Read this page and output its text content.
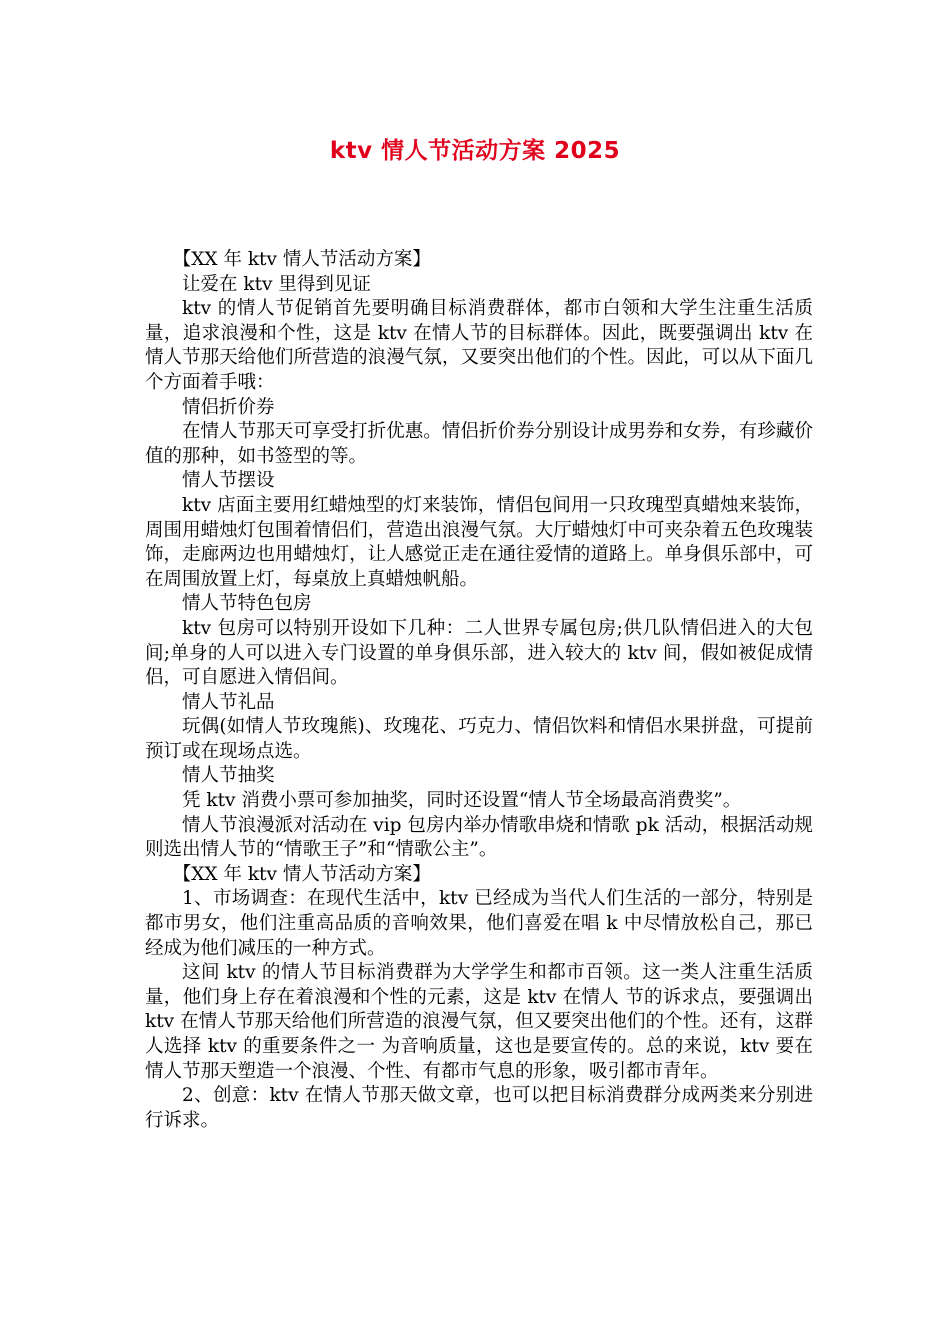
ktv 情人节活动方案 2025

【XX 年 ktv 情人节活动方案】

让爱在 ktv 里得到见证

ktv 的情人节促销首先要明确目标消费群体，都市白领和大学生注重生活质量，追求浪漫和个性，这是 ktv 在情人节的目标群体。因此，既要强调出 ktv 在情人节那天给他们所营造的浪漫气氛，又要突出他们的个性。因此，可以从下面几个方面着手哦：

情侣折价券

在情人节那天可享受打折优惠。情侣折价券分别设计成男券和女券，有珍藏价值的那种，如书签型的等。

情人节摆设

ktv 店面主要用红蜡烛型的灯来装饰，情侣包间用一只玫瑰型真蜡烛来装饰，周围用蜡烛灯包围着情侣们，营造出浪漫气氛。大厅蜡烛灯中可夹杂着五色玫瑰装饰，走廊两边也用蜡烛灯，让人感觉正走在通往爱情的道路上。单身俱乐部中，可在周围放置上灯，每桌放上真蜡烛帆船。

情人节特色包房

ktv 包房可以特别开设如下几种：二人世界专属包房;供几队情侣进入的大包间;单身的人可以进入专门设置的单身俱乐部，进入较大的 ktv 间，假如被促成情侣，可自愿进入情侣间。

情人节礼品

玩偶(如情人节玫瑰熊)、玫瑰花、巧克力、情侣饮料和情侣水果拼盘，可提前预订或在现场点选。

情人节抽奖

凭 ktv 消费小票可参加抽奖，同时还设置“情人节全场最高消费奖”。

情人节浪漫派对活动在 vip 包房内举办情歌串烧和情歌 pk 活动，根据活动规则选出情人节的“情歌王子”和“情歌公主”。

【XX 年 ktv 情人节活动方案】

1、市场调查：在现代生活中，ktv 已经成为当代人们生活的一部分，特别是都市男女，他们注重高品质的音响效果，他们喜爱在唱 k 中尽情放松自己，那已经成为他们减压的一种方式。

这间 ktv 的情人节目标消费群为大学学生和都市百领。这一类人注重生活质量，他们身上存在着浪漫和个性的元素，这是 ktv 在情人 节的诉求点，要强调出 ktv 在情人节那天给他们所营造的浪漫气氛，但又要突出他们的个性。还有，这群人选择 ktv 的重要条件之一 为音响质量，这也是要宣传的。总的来说，ktv 要在情人节那天塑造一个浪漫、个性、有都市气息的形象，吸引都市青年。

2、创意：ktv 在情人节那天做文章，也可以把目标消费群分成两类来分别进行诉求。
